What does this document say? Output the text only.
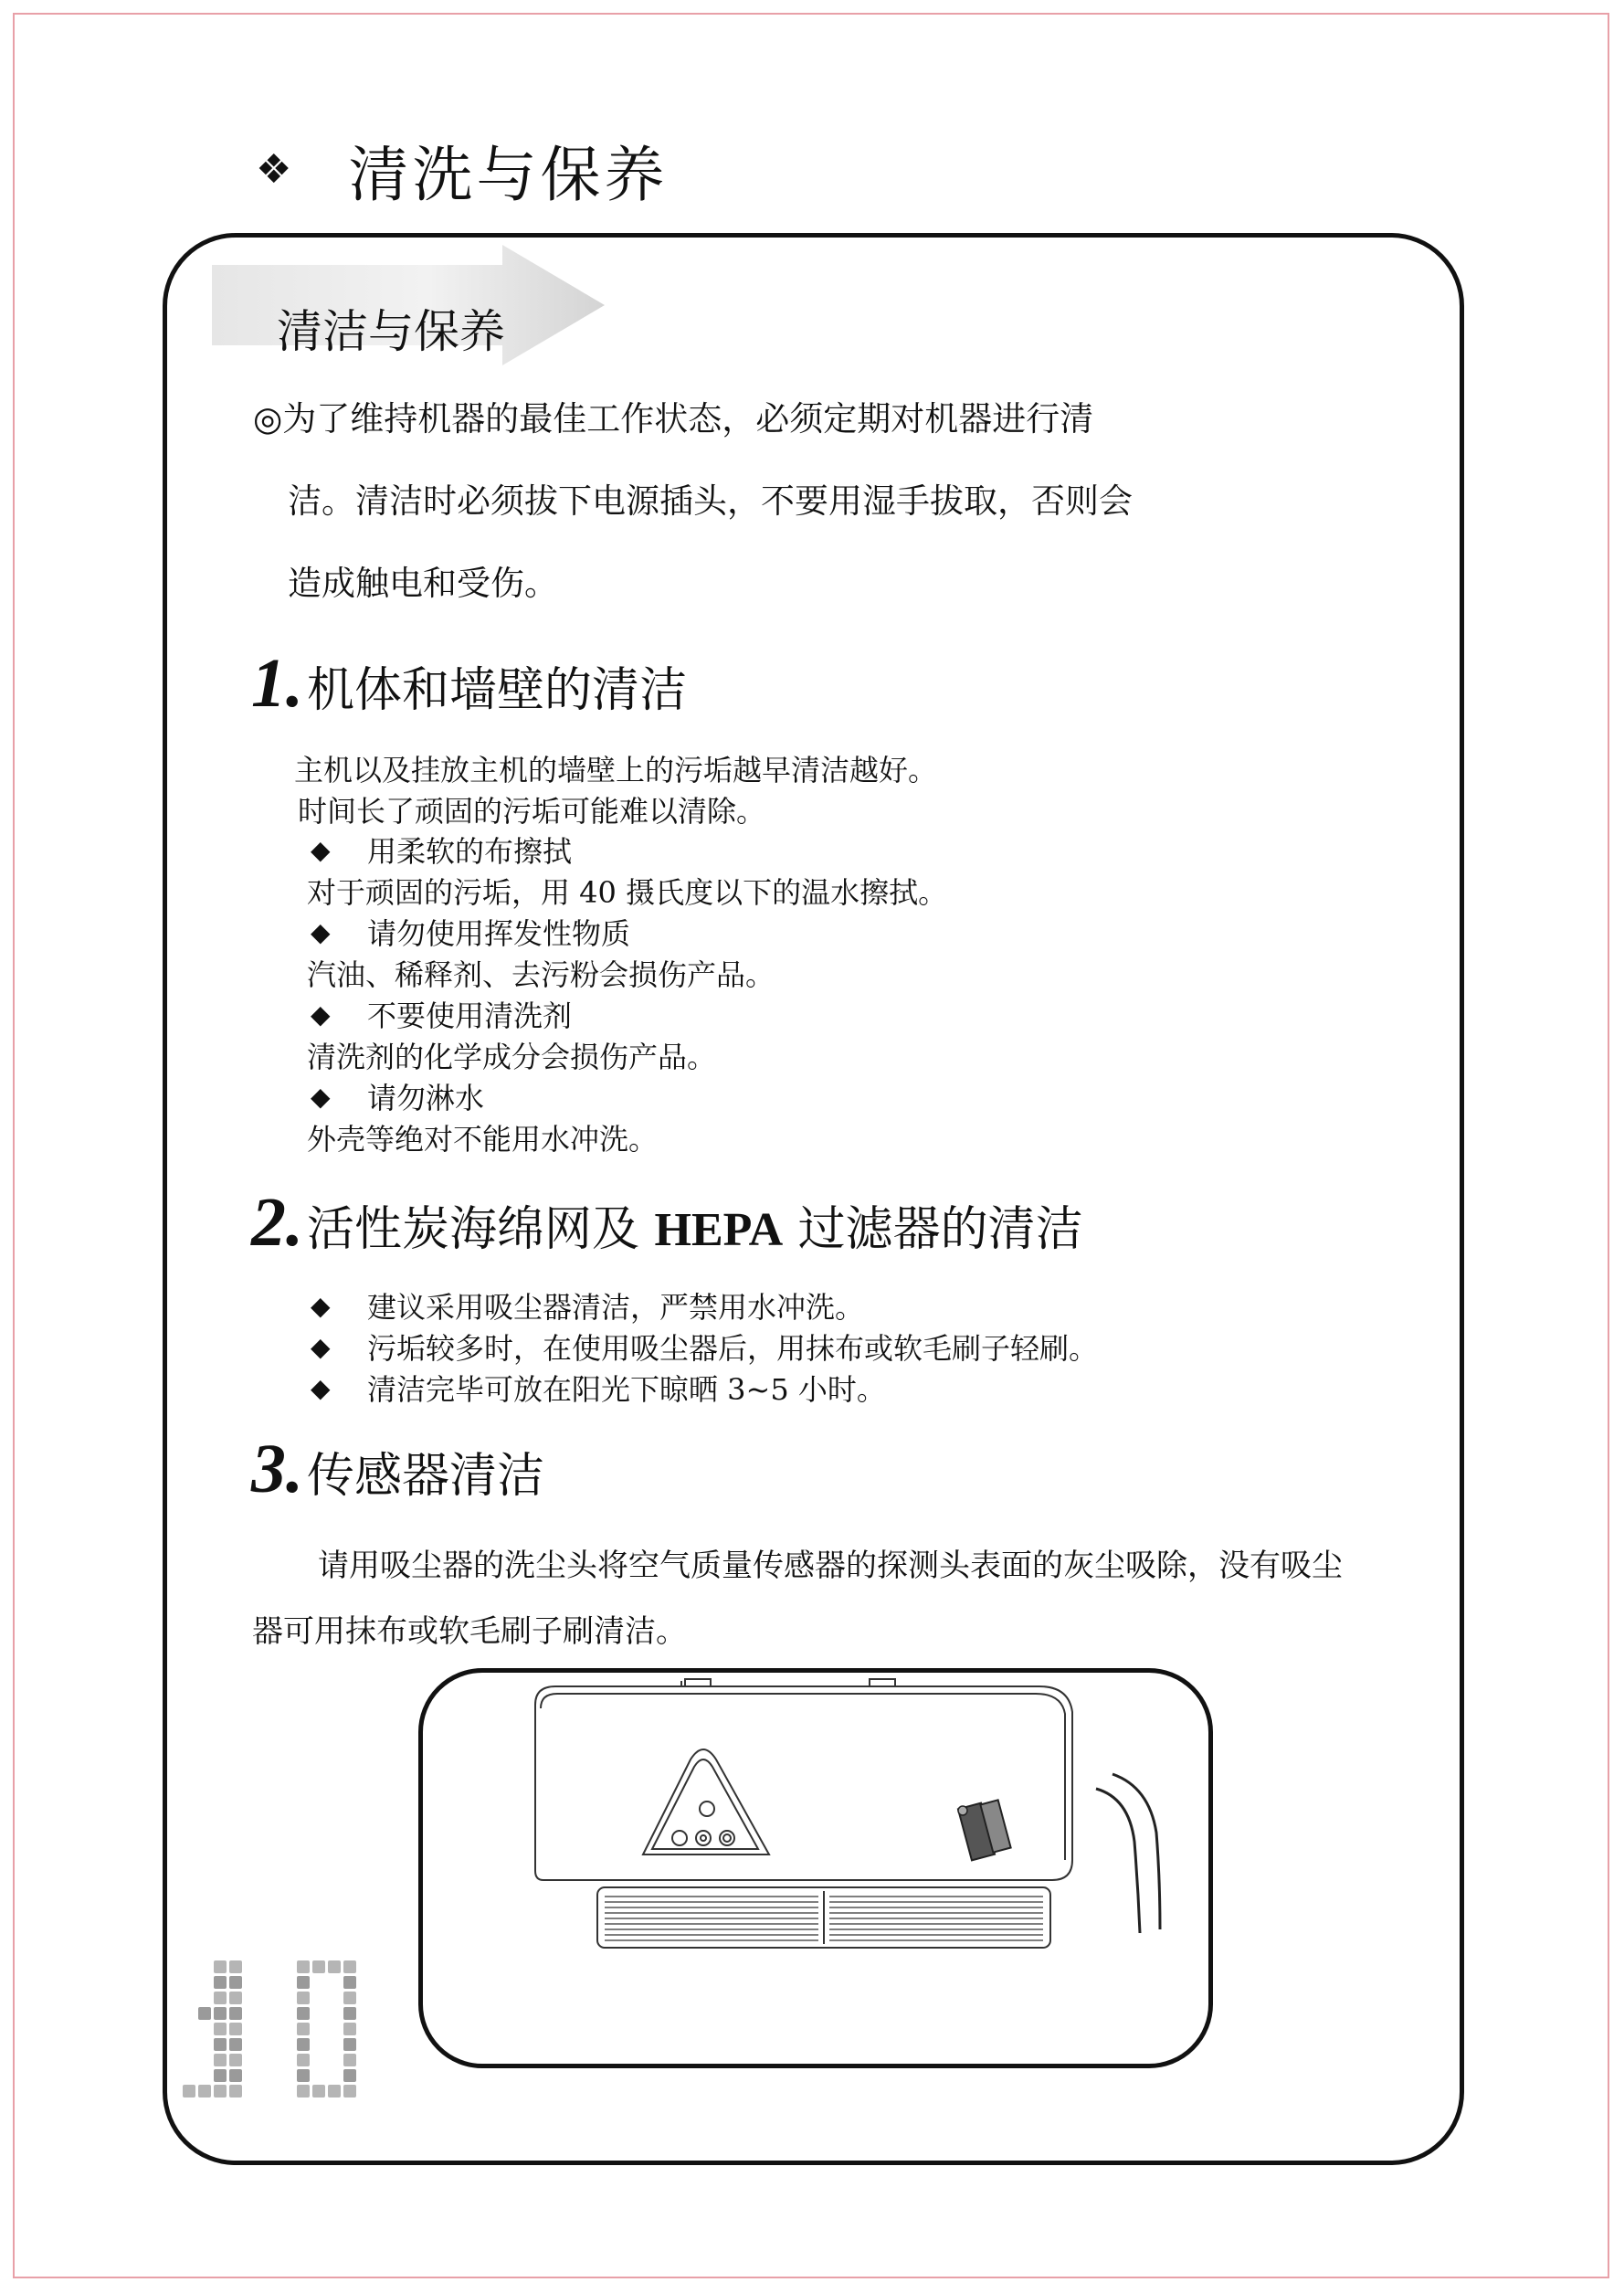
❖ 清洗与保养
清洁与保养

◎为了维持机器的最佳工作状态，必须定期对机器进行清

洁。清洁时必须拔下电源插头，不要用湿手拔取，否则会

造成触电和受伤。

1. 机体和墙壁的清洁

主机以及挂放主机的墙壁上的污垢越早清洁越好。

时间长了顽固的污垢可能难以清除。

◆	用柔软的布擦拭

对于顽固的污垢，用 40 摄氏度以下的温水擦拭。

◆	请勿使用挥发性物质

汽油、稀释剂、去污粉会损伤产品。

◆	不要使用清洗剂

清洗剂的化学成分会损伤产品。

◆	请勿淋水

外壳等绝对不能用水冲洗。

2. 活性炭海绵网及 HEPA 过滤器的清洁
◆	建议采用吸尘器清洁，严禁用水冲洗。
◆	污垢较多时，在使用吸尘器后，用抹布或软毛刷子轻刷。
◆	清洁完毕可放在阳光下晾晒 3~5 小时。
3. 传感器清洁

请用吸尘器的洗尘头将空气质量传感器的探测头表面的灰尘吸除，没有吸尘

器可用抹布或软毛刷子刷清洁。
